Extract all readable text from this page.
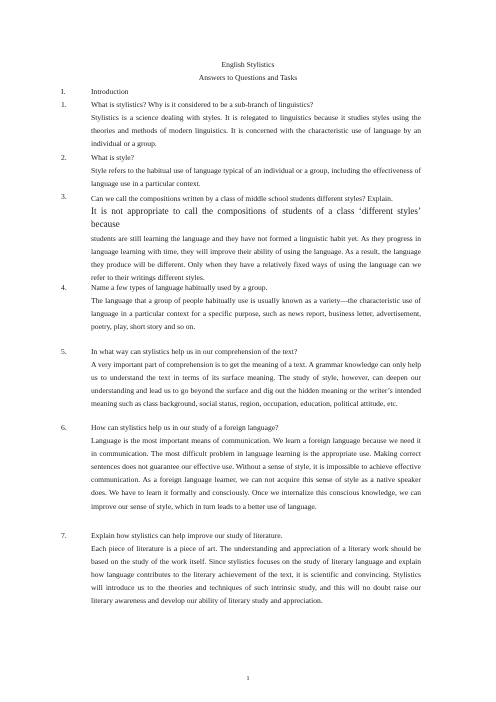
English Stylistics
Answers to Questions and Tasks
I.	Introduction
1.	What is stylistics? Why is it considered to be a sub-branch of linguistics?
Stylistics is a science dealing with styles. It is relegated to linguistics because it studies styles using the theories and methods of modern linguistics. It is concerned with the characteristic use of language by an individual or a group.
2.	What is style?
Style refers to the habitual use of language typical of an individual or a group, including the effectiveness of language use in a particular context.
3.	Can we call the compositions written by a class of middle school students different styles? Explain.
It is not appropriate to call the compositions of students of a class ‘different styles’ because
students are still learning the language and they have not formed a linguistic habit yet. As they progress in language learning with time, they will improve their ability of using the language. As a result, the language they produce will be different. Only when they have a relatively fixed ways of using the language can we refer to their writings different styles.
4.	Name a few types of language habitually used by a group.
The language that a group of people habitually use is usually known as a variety—the characteristic use of language in a particular context for a specific purpose, such as news report, business letter, advertisement, poetry, play, short story and so on.
5.	In what way can stylistics help us in our comprehension of the text?
A very important part of comprehension is to get the meaning of a text. A grammar knowledge can only help us to understand the text in terms of its surface meaning. The study of style, however, can deepen our understanding and lead us to go beyond the surface and dig out the hidden meaning or the writer’s intended meaning such as class background, social status, region, occupation, education, political attitude, etc.
6.	How can stylistics help us in our study of a foreign language?
Language is the most important means of communication. We learn a foreign language because we need it in communication. The most difficult problem in language learning is the appropriate use. Making correct sentences does not guarantee our effective use. Without a sense of style, it is impossible to achieve effective communication. As a foreign language learner, we can not acquire this sense of style as a native speaker does. We have to learn it formally and consciously. Once we internalize this conscious knowledge, we can improve our sense of style, which in turn leads to a better use of language.
7.	Explain how stylistics can help improve our study of literature.
Each piece of literature is a piece of art. The understanding and appreciation of a literary work should be based on the study of the work itself. Since stylistics focuses on the study of literary language and explain how language contributes to the literary achievement of the text, it is scientific and convincing. Stylistics will introduce us to the theories and techniques of such intrinsic study, and this will no doubt raise our literary awareness and develop our ability of literary study and appreciation.
1
